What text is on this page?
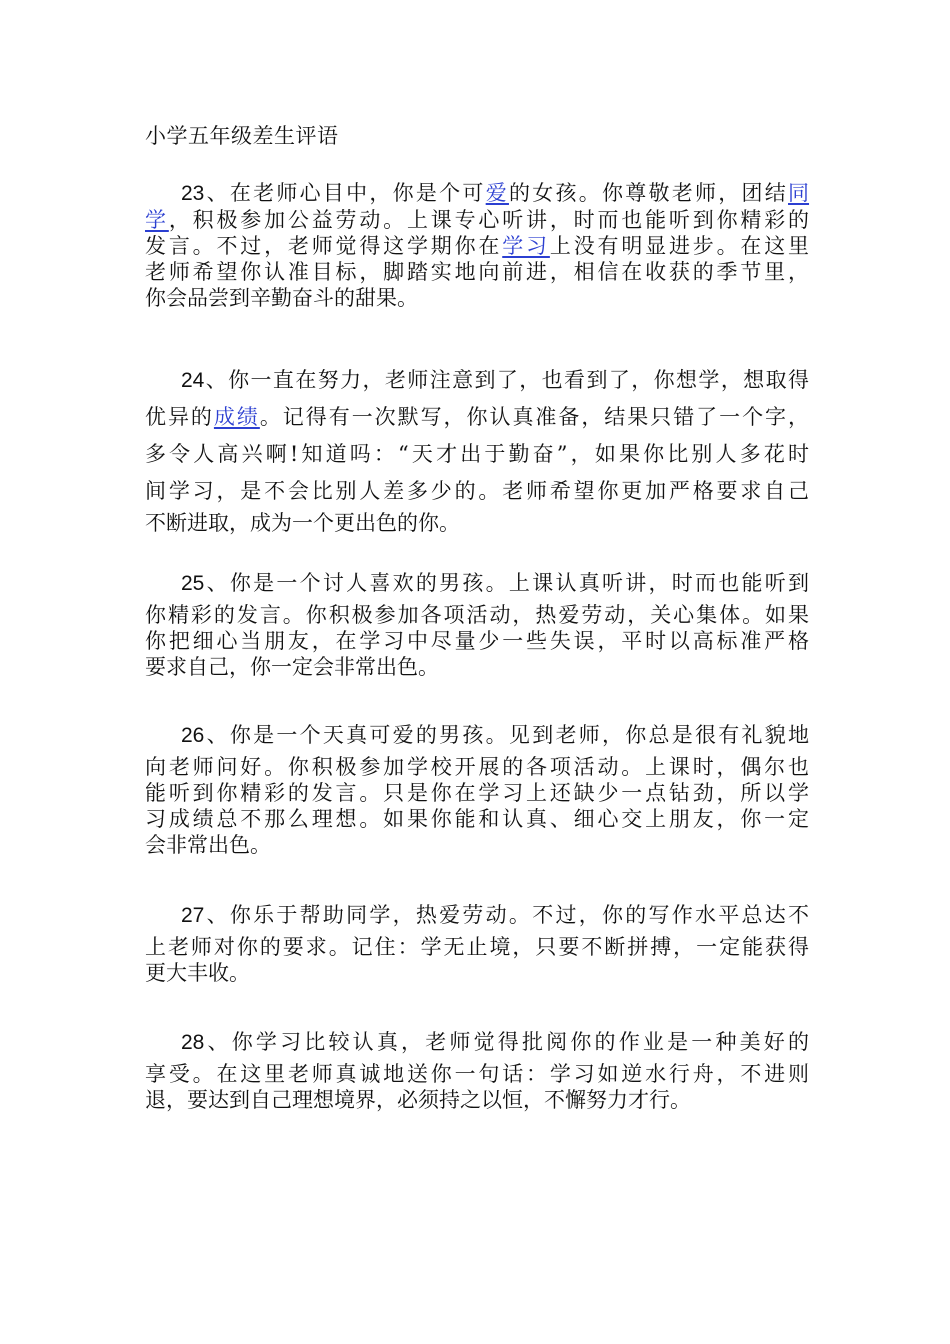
小学五年级差生评语
23、在老师心目中，你是个可爱的女孩。你尊敬老师，团结同
学，积极参加公益劳动。上课专心听讲，时而也能听到你精彩的
发言。不过，老师觉得这学期你在学习上没有明显进步。在这里
老师希望你认准目标，脚踏实地向前进，相信在收获的季节里，
你会品尝到辛勤奋斗的甜果。
24、你一直在努力，老师注意到了，也看到了，你想学，想取得
优异的成绩。记得有一次默写，你认真准备，结果只错了一个字，
多令人高兴啊!知道吗：“天才出于勤奋”，如果你比别人多花时
间学习，是不会比别人差多少的。老师希望你更加严格要求自己
不断进取，成为一个更出色的你。
25、你是一个讨人喜欢的男孩。上课认真听讲，时而也能听到
你精彩的发言。你积极参加各项活动，热爱劳动，关心集体。如果
你把细心当朋友，在学习中尽量少一些失误，平时以高标准严格
要求自己，你一定会非常出色。
26、你是一个天真可爱的男孩。见到老师，你总是很有礼貌地
向老师问好。你积极参加学校开展的各项活动。上课时，偶尔也
能听到你精彩的发言。只是你在学习上还缺少一点钻劲，所以学
习成绩总不那么理想。如果你能和认真、细心交上朋友，你一定
会非常出色。
27、你乐于帮助同学，热爱劳动。不过，你的写作水平总达不
上老师对你的要求。记住：学无止境，只要不断拼搏，一定能获得
更大丰收。
28、你学习比较认真，老师觉得批阅你的作业是一种美好的
享受。在这里老师真诚地送你一句话：学习如逆水行舟，不进则
退，要达到自己理想境界，必须持之以恒，不懈努力才行。
